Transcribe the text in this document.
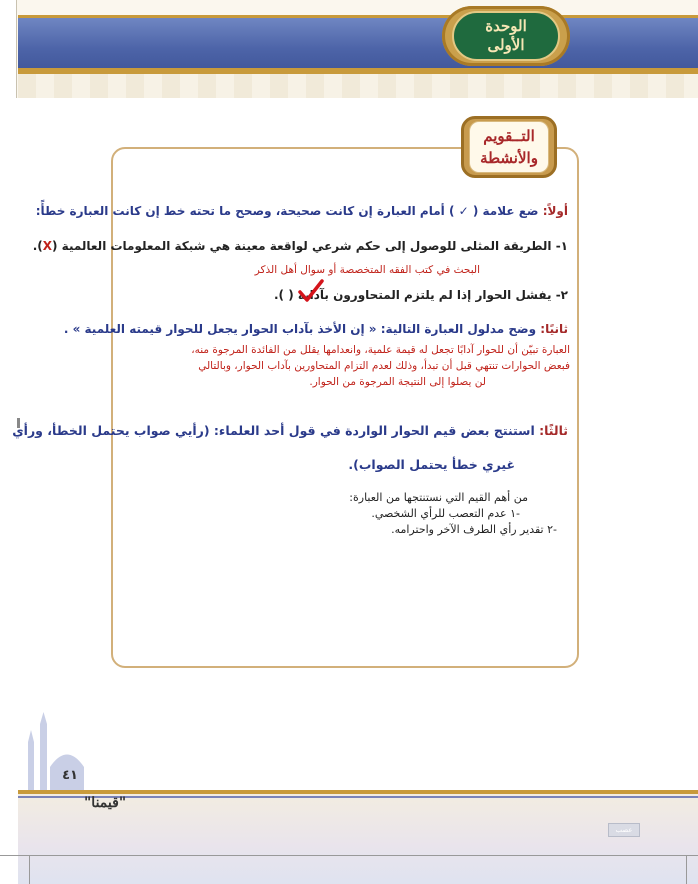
الوحدة
الأولى
التــقويم
والأنشطة
أولاً: ضع علامة ( ✓ ) أمام العبارة إن كانت صحيحة، وصحح ما تحته خط إن كانت العبارة خطأً:
١- الطريقة المثلى للوصول إلى حكم شرعي لواقعة معينة هي شبكة المعلومات العالمية (X).
البحث في كتب الفقه المتخصصة أو سوال أهل الذكر
٢- يفشل الحوار إذا لم يلتزم المتحاورون بآدابه ( ).
ثانيًا: وضح مدلول العبارة التالية: « إن الأخذ بآداب الحوار يجعل للحوار قيمته العلمية » .
العبارة تبيّن أن للحوار آدابًا تجعل له قيمة علمية، وانعدامها يقلل من الفائدة المرجوة منه،
فبعض الحوارات تنتهي قبل أن تبدأ، وذلك لعدم التزام المتحاورين بآداب الحوار، وبالتالي
لن يصلوا إلى النتيجة المرجوة من الحوار.
ثالثًا: استنتج بعض قيم الحوار الواردة في قول أحد العلماء: (رأيي صواب يحتمل الخطأ، ورأي
غيري خطأ يحتمل الصواب).
من أهم القيم التي نستنتجها من العبارة:
-١ عدم التعصب للرأي الشخصي.
-٢ تقدير رأي الطرف الآخر واحترامه.
٤١
"قيمنا"
عصب
